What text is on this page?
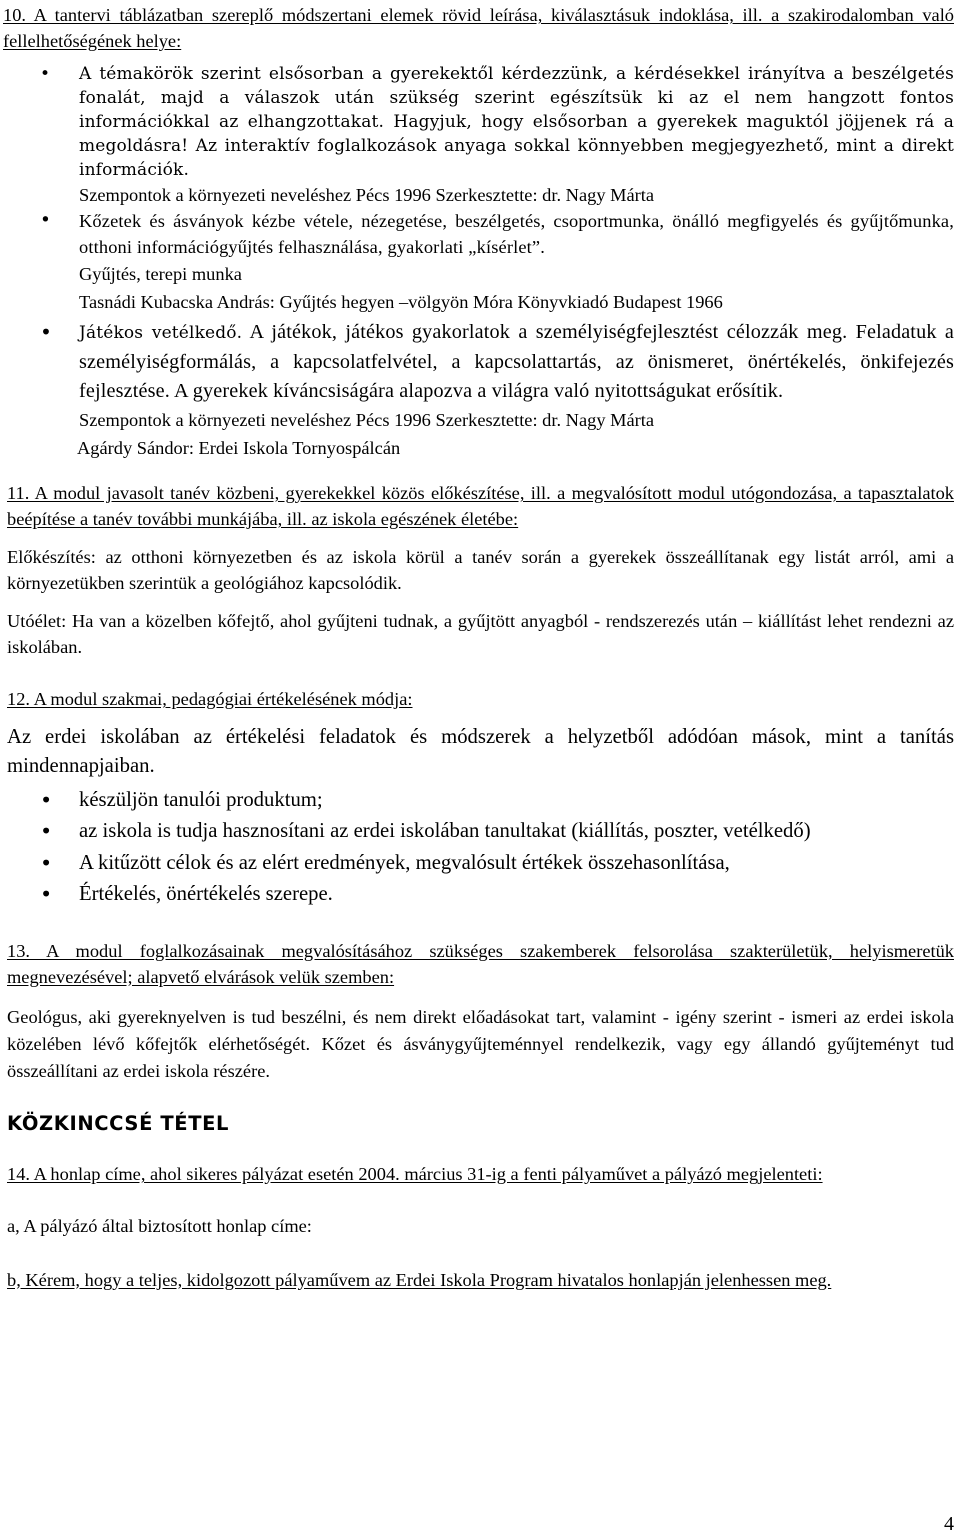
10. A tantervi táblázatban szereplő módszertani elemek rövid leírása, kiválasztásuk indoklása, ill. a szakirodalomban való fellelhetőségének helye:

• A témakörök szerint elsősorban a gyerekektől kérdezzünk, a kérdésekkel irányítva a beszélgetés fonalát, majd a válaszok után szükség szerint egészítsük ki az el nem hangzott fontos információkkal az elhangzottakat. Hagyjuk, hogy elsősorban a gyerekek maguktól jöjjenek rá a megoldásra! Az interaktív foglalkozások anyaga sokkal könnyebben megjegyezhető, mint a direkt információk.

Szempontok a környezeti neveléshez Pécs 1996 Szerkesztette: dr. Nagy Márta

• Kőzetek és ásványok kézbe vétele, nézegetése, beszélgetés, csoportmunka, önálló megfigyelés és gyűjtőmunka, otthoni információgyűjtés felhasználása, gyakorlati „kísérlet”.

Gyűjtés, terepi munka

Tasnádi Kubacska András: Gyűjtés hegyen –völgyön Móra Könyvkiadó Budapest 1966

• Játékos vetélkedő. A játékok, játékos gyakorlatok a személyiségfejlesztést célozzák meg. Feladatuk a személyiségformálás, a kapcsolatfelvétel, a kapcsolattartás, az önismeret, önértékelés, önkifejezés fejlesztése. A gyerekek kíváncsiságára alapozva a világra való nyitottságukat erősítik.

Szempontok a környezeti neveléshez Pécs 1996 Szerkesztette: dr. Nagy Márta

Agárdy Sándor: Erdei Iskola Tornyospálcán

11. A modul javasolt tanév közbeni, gyerekekkel közös előkészítése, ill. a megvalósított modul utógondozása, a tapasztalatok beépítése a tanév további munkájába, ill. az iskola egészének életébe:

Előkészítés: az otthoni környezetben és az iskola körül a tanév során a gyerekek összeállítanak egy listát arról, ami a környezetükben szerintük a geológiához kapcsolódik.

Utóélet: Ha van a közelben kőfejtő, ahol gyűjteni tudnak, a gyűjtött anyagból - rendszerezés után – kiállítást lehet rendezni az iskolában.

12. A modul szakmai, pedagógiai értékelésének módja:

Az erdei iskolában az értékelési feladatok és módszerek a helyzetből adódóan mások, mint a tanítás mindennapjaiban.

• készüljön tanulói produktum;
• az iskola is tudja hasznosítani az erdei iskolában tanultakat (kiállítás, poszter, vetélkedő)
• A kitűzött célok és az elért eredmények, megvalósult értékek összehasonlítása,
• Értékelés, önértékelés szerepe.

13. A modul foglalkozásainak megvalósításához szükséges szakemberek felsorolása szakterületük, helyismeretük megnevezésével; alapvető elvárások velük szemben:

Geológus, aki gyereknyelven is tud beszélni, és nem direkt előadásokat tart, valamint - igény szerint - ismeri az erdei iskola közelében lévő kőfejtők elérhetőségét. Kőzet és ásványgyűjteménnyel rendelkezik, vagy egy állandó gyűjteményt tud összeállítani az erdei iskola részére.

KÖZKINCCSÉ TÉTEL

14. A honlap címe, ahol sikeres pályázat esetén 2004. március 31-ig a fenti pályaművet a pályázó megjelenteti:

a, A pályázó által biztosított honlap címe:

b, Kérem, hogy a teljes, kidolgozott pályaművem az Erdei Iskola Program hivatalos honlapján jelenhessen meg.

4
